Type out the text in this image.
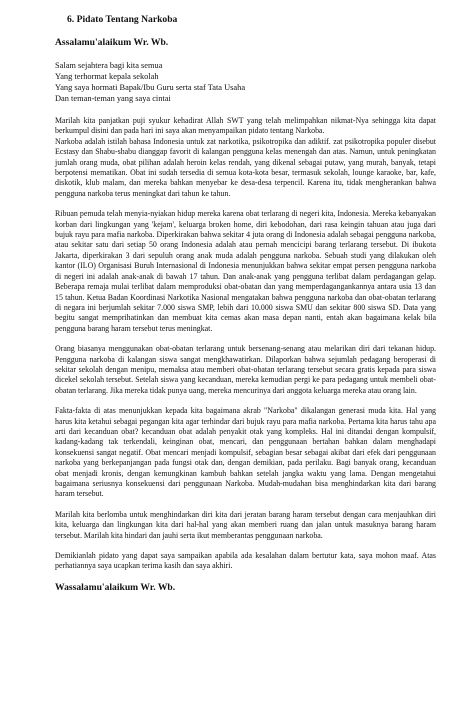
6. Pidato Tentang Narkoba
Assalamu'alaikum Wr. Wb.
Salam sejahtera bagi kita semua
Yang terhormat kepala sekolah
Yang saya hormati Bapak/Ibu Guru serta staf Tata Usaha
Dan teman-teman yang saya cintai

Marilah kita panjatkan puji syukur kehadirat Allah SWT yang telah melimpahkan nikmat-Nya sehingga kita dapat berkumpul disini dan pada hari ini saya akan menyampaikan pidato tentang Narkoba.

Narkoba adalah istilah bahasa Indonesia untuk zat narkotika, psikotropika dan adiktif. zat psikotropika populer disebut Ecstasy dan Shabu-shabu dianggap favorit di kalangan pengguna kelas menengah dan atas. Namun, untuk peningkatan jumlah orang muda, obat pilihan adalah heroin kelas rendah, yang dikenal sebagai putaw, yang murah, banyak, tetapi berpotensi mematikan. Obat ini sudah tersedia di semua kota-kota besar, termasuk sekolah, lounge karaoke, bar, kafe, diskotik, klub malam, dan mereka bahkan menyebar ke desa-desa terpencil. Karena itu, tidak mengherankan bahwa pengguna narkoba terus meningkat dari tahun ke tahun.

Ribuan pemuda telah menyia-nyiakan hidup mereka karena obat terlarang di negeri kita, Indonesia. Mereka kebanyakan korban dari lingkungan yang 'kejam', keluarga broken home, diri kebodohan, dari rasa keingin tahuan atau juga dari bujuk rayu para mafia narkoba. Diperkirakan bahwa sekitar 4 juta orang di Indonesia adalah sebagai pengguna narkoba, atau sekitar satu dari setiap 50 orang Indonesia adalah atau pernah mencicipi barang terlarang tersebut. Di ibukota Jakarta, diperkirakan 3 dari sepuluh orang anak muda adalah pengguna narkoba. Sebuah studi yang dilakukan oleh kantor (ILO) Organisasi Buruh Internasional di Indonesia menunjukkan bahwa sekitar empat persen pengguna narkoba di negeri ini adalah anak-anak di bawah 17 tahun. Dan anak-anak yang pengguna terlibat dalam perdagangan gelap. Beberapa remaja mulai terlibat dalam memproduksi obat-obatan dan yang memperdagangankannya antara usia 13 dan 15 tahun. Ketua Badan Koordinasi Narkotika Nasional mengatakan bahwa pengguna narkoba dan obat-obatan terlarang di negara ini berjumlah sekitar 7.000 siswa SMP, lebih dari 10.000 siswa SMU dan sekitar 800 siswa SD. Data yang begitu sangat memprihatinkan dan membuat kita cemas akan masa depan nanti, entah akan bagaimana kelak bila pengguna barang haram tersebut terus meningkat.

Orang biasanya menggunakan obat-obatan terlarang untuk bersenang-senang atau melarikan diri dari tekanan hidup. Pengguna narkoba di kalangan siswa sangat mengkhawatirkan. Dilaporkan bahwa sejumlah pedagang beroperasi di sekitar sekolah dengan menipu, memaksa atau memberi obat-obatan terlarang tersebut secara gratis kepada para siswa dicekel sekolah tersebut. Setelah siswa yang kecanduan, mereka kemudian pergi ke para pedagang untuk membeli obat-obatan terlarang. Jika mereka tidak punya uang, mereka mencurinya dari anggota keluarga mereka atau orang lain.

Fakta-fakta di atas menunjukkan kepada kita bagaimana akrab "Narkoba" dikalangan generasi muda kita. Hal yang harus kita ketahui sebagai pegangan kita agar terhindar dari bujuk rayu para mafia narkoba. Pertama kita harus tahu apa arti dari kecanduan obat? kecanduan obat adalah penyakit otak yang kompleks. Hal ini ditandai dengan kompulsif, kadang-kadang tak terkendali, keinginan obat, mencari, dan penggunaan bertahan bahkan dalam menghadapi konsekuensi sangat negatif. Obat mencari menjadi kompulsif, sebagian besar sebagai akibat dari efek dari penggunaan narkoba yang berkepanjangan pada fungsi otak dan, dengan demikian, pada perilaku. Bagi banyak orang, kecanduan obat menjadi kronis, dengan kemungkinan kambuh bahkan setelah jangka waktu yang lama. Dengan mengetahui bagaimana seriusnya konsekuensi dari penggunaan Narkoba. Mudah-mudahan bisa menghindarkan kita dari barang haram tersebut.

Marilah kita berlomba untuk menghindarkan diri kita dari jeratan barang haram tersebut dengan cara menjauhkan diri kita, keluarga dan lingkungan kita dari hal-hal yang akan memberi ruang dan jalan untuk masuknya barang haram tersebut. Marilah kita hindari dan jauhi serta ikut memberantas penggunaan narkoba.

Demikianlah pidato yang dapat saya sampaikan apabila ada kesalahan dalam bertutur kata, saya mohon maaf. Atas perhatiannya saya ucapkan terima kasih dan saya akhiri.

Wassalamu'alaikum Wr. Wb.
